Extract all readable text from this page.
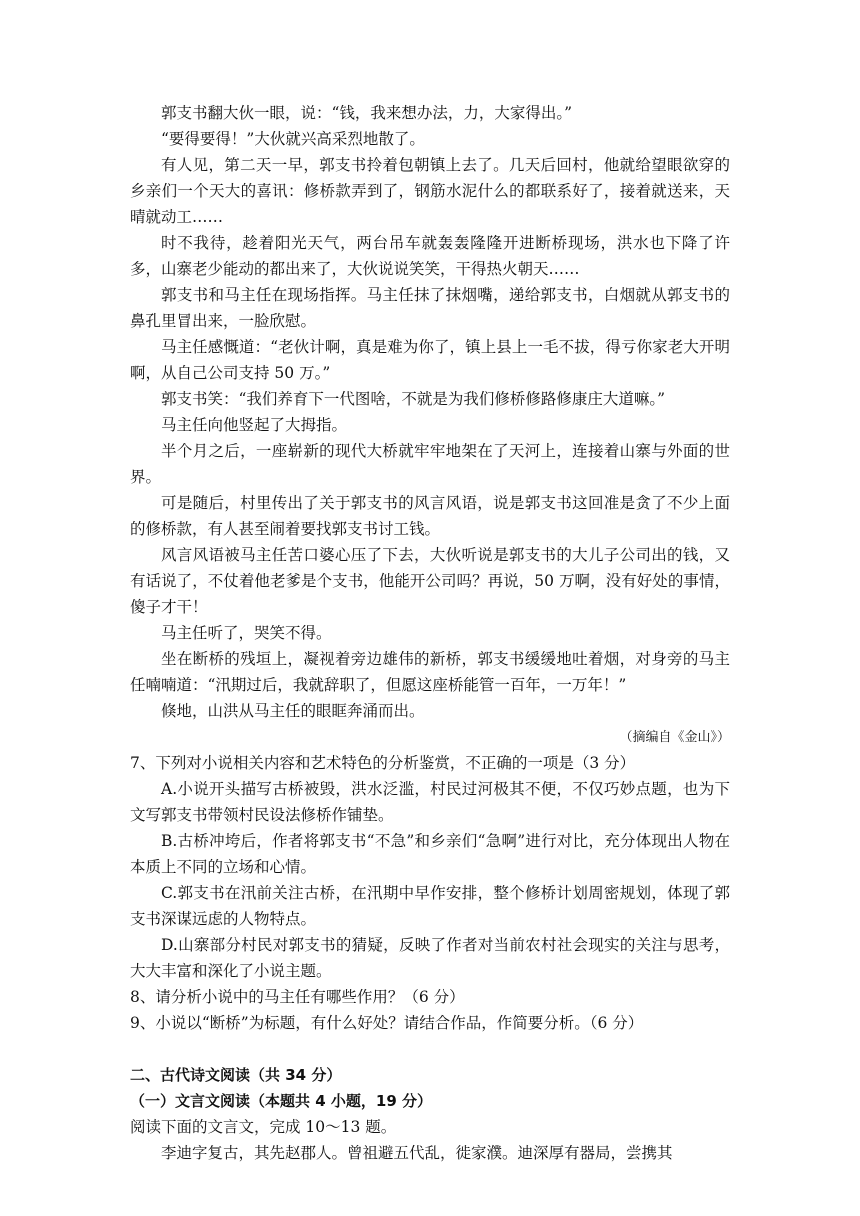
郭支书翻大伙一眼，说：“钱，我来想办法，力，大家得出。”

“要得要得！”大伙就兴高采烈地散了。

有人见，第二天一早，郭支书拎着包朝镇上去了。几天后回村，他就给望眼欲穿的乡亲们一个天大的喜讯：修桥款弄到了，钢筋水泥什么的都联系好了，接着就送来，天晴就动工……

时不我待，趁着阳光天气，两台吊车就轰轰隆隆开进断桥现场，洪水也下降了许多，山寨老少能动的都出来了，大伙说说笑笑，干得热火朝天……

郭支书和马主任在现场指挥。马主任抹了抹烟嘴，递给郭支书，白烟就从郭支书的鼻孔里冒出来，一脸欣慰。

马主任感慨道：“老伙计啊，真是难为你了，镇上县上一毛不拔，得亏你家老大开明啊，从自己公司支持 50 万。”

郭支书笑：“我们养育下一代图啥，不就是为我们修桥修路修康庄大道嘛。”

马主任向他竖起了大拇指。

半个月之后，一座崭新的现代大桥就牢牢地架在了天河上，连接着山寨与外面的世界。

可是随后，村里传出了关于郭支书的风言风语，说是郭支书这回准是贪了不少上面的修桥款，有人甚至闹着要找郭支书讨工钱。

风言风语被马主任苦口婆心压了下去，大伙听说是郭支书的大儿子公司出的钱，又有话说了，不仗着他老爹是个支书，他能开公司吗？再说，50 万啊，没有好处的事情，傻子才干！

马主任听了，哭笑不得。

坐在断桥的残垣上，凝视着旁边雄伟的新桥，郭支书缓缓地吐着烟，对身旁的马主任喃喃道：“汛期过后，我就辞职了，但愿这座桥能管一百年，一万年！”

倏地，山洪从马主任的眼眶奔涌而出。

（摘编自《金山》）

7、下列对小说相关内容和艺术特色的分析鉴赏，不正确的一项是（3 分）

A.小说开头描写古桥被毁，洪水泛滥，村民过河极其不便，不仅巧妙点题，也为下文写郭支书带领村民设法修桥作铺垫。

B.古桥冲垮后，作者将郭支书“不急”和乡亲们“急啊”进行对比，充分体现出人物在本质上不同的立场和心情。

C.郭支书在汛前关注古桥，在汛期中早作安排，整个修桥计划周密规划，体现了郭支书深谋远虑的人物特点。

D.山寨部分村民对郭支书的猜疑，反映了作者对当前农村社会现实的关注与思考，大大丰富和深化了小说主题。

8、请分析小说中的马主任有哪些作用？（6 分）

9、小说以“断桥”为标题，有什么好处？请结合作品，作简要分析。（6 分）

二、古代诗文阅读（共 34 分）

（一）文言文阅读（本题共 4 小题，19 分）

阅读下面的文言文，完成 10～13 题。

李迪字复古，其先赵郡人。曾祖避五代乱，徙家濮。迪深厚有器局，尝携其
